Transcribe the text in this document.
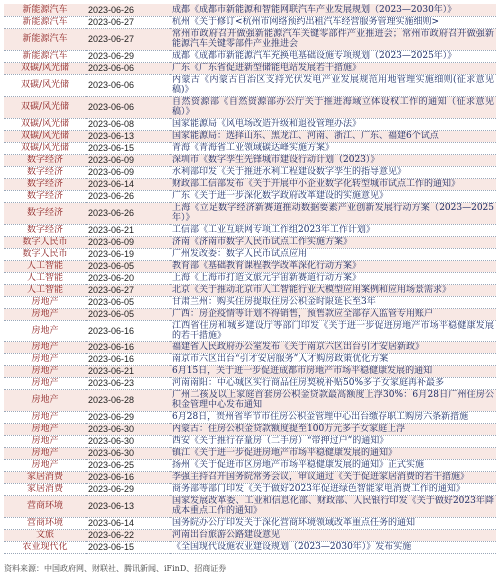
新能源汽车	2023-06-26	成都《成都市新能源和智能网联汽车产业发展规划（2023—2030年）》
新能源汽车	2023-06-27	杭州《关于修订<杭州市网络预约出租汽车经营服务管理实施细则>
新能源汽车	2023-06-27	常州市政府召开做强新能源汽车关键零部件产业推进会；常州市政府召开做强新能源汽车关键零部件产业推进会
新能源汽车	2023-06-29	成都《成都市新能源汽车充换电基础设施专项规划（2023—2025年）》
双碳/风光储	2023-06-06	广东《广东省促进新型储能电站发展若干措施》
双碳/风光储	2023-06-06	内蒙古《内蒙古自治区支持光伏发电产业发展规范用地管理实施细则(征求意见稿)》
双碳/风光储	2023-06-06	自然资源部《自然资源部办公厅关于推进海域立体设权工作的通知（征求意见稿）》
双碳/风光储	2023-06-08	国家能源局《风电场改造升级和退役管理办法》
双碳/风光储	2023-06-13	国家能源局：选择山东、黑龙江、河南、浙江、广东、福建6个试点
双碳/风光储	2023-06-15	青海《青海省工业领域碳达峰实施方案》
数字经济	2023-06-09	深圳市《数字孪生先锋城市建设行动计划（2023）》
数字经济	2023-06-09	水利部印发《关于推进水利工程建设数字孪生的指导意见》
数字经济	2023-06-14	财政部工信部发布《关于开展中小企业数字化转型城市试点工作的通知》
数字经济	2023-06-26	广东《关于进一步深化数字政府改革建设的实施意见》
数字经济	2023-06-26	上海《立足数字经济新赛道推动数据要素产业创新发展行动方案（2023—2025年）》
数字经济	2023-06-21	工信部《工业互联网专项工作组2023年工作计划》
数字人民币	2023-06-09	济南《济南市数字人民币试点工作实施方案》
数字人民币	2023-06-19	广州发改委：数字人民币试点应用
人工智能	2023-06-05	教育部《基础教育课程教学改革深化行动方案》
人工智能	2023-06-20	上海《上海市打造文旅元宇宙新赛道行动方案》
人工智能	2023-06-27	北京《关于推动北京市人工智能行业大模型应用案例和应用场景需求》
房地产	2023-06-05	甘肃兰州：购买住房提取住房公积金时限延长至3年
房地产	2023-06-05	广西：房企疫情等计划不得销售，预售款应全部存入监管专用账户
房地产	2023-06-16	江西省住房和城乡建设厅等部门印发《关于进一步促进房地产市场平稳健康发展的若干措施》
房地产	2023-06-16	福建省人民政府办公室发布《关于南京六区出台引才安居新政》
房地产	2023-06-16	南京市六区出台“引才安居服务”人才购房政策优化方案
房地产	2023-06-21	6月15日，关于进一步促进成都市房地产市场平稳健康发展的通知
房地产	2023-06-23	河南南阳：中心城区实行商品住房契税补贴50%多子女家庭再补最多
房地产	2023-06-28	广州二孩及以上家庭首套房公积金贷款最高额度上浮30%：6月28日广州住房公积金管理中心发布通知
房地产	2023-06-29	6月28日，贵州省毕节市住房公积金管理中心出台缴存职工购房六条新措施
房地产	2023-06-30	内蒙古：住房公积金贷款额度提至100万元多子女家庭上浮
房地产	2023-06-30	西安《关于推行存量房（二手房）“带押过户”的通知》
房地产	2023-06-30	镇江《关于进一步促进房地产市场平稳健康发展的通知》
房地产	2023-06-25	扬州《关于促进市区房地产市场平稳健康发展的通知》正式实施
家居消费	2023-06-16	李强主持召开国务院常务会议，审议通过《关于促进家居消费的若干措施》
家居消费	2023-06-29	商务部等部门印发《关于做好2023年促进绿色智能家电消费工作的通知》
营商环境	2023-06-13	国家发展改革委、工业和信息化部、财政部、人民银行印发《关于做好2023年降成本重点工作的通知》
营商环境	2023-06-14	国务院办公厅印发关于深化营商环境领域改革重点任务的通知
文旅	2023-06-22	河南出台旅游公路建设意见
农业现代化	2023-06-15	《全国现代设施农业建设规划（2023—2030年）》发布实施
资料来源：中国政府网、财联社、腾讯新闻、iFinD、招商证券
